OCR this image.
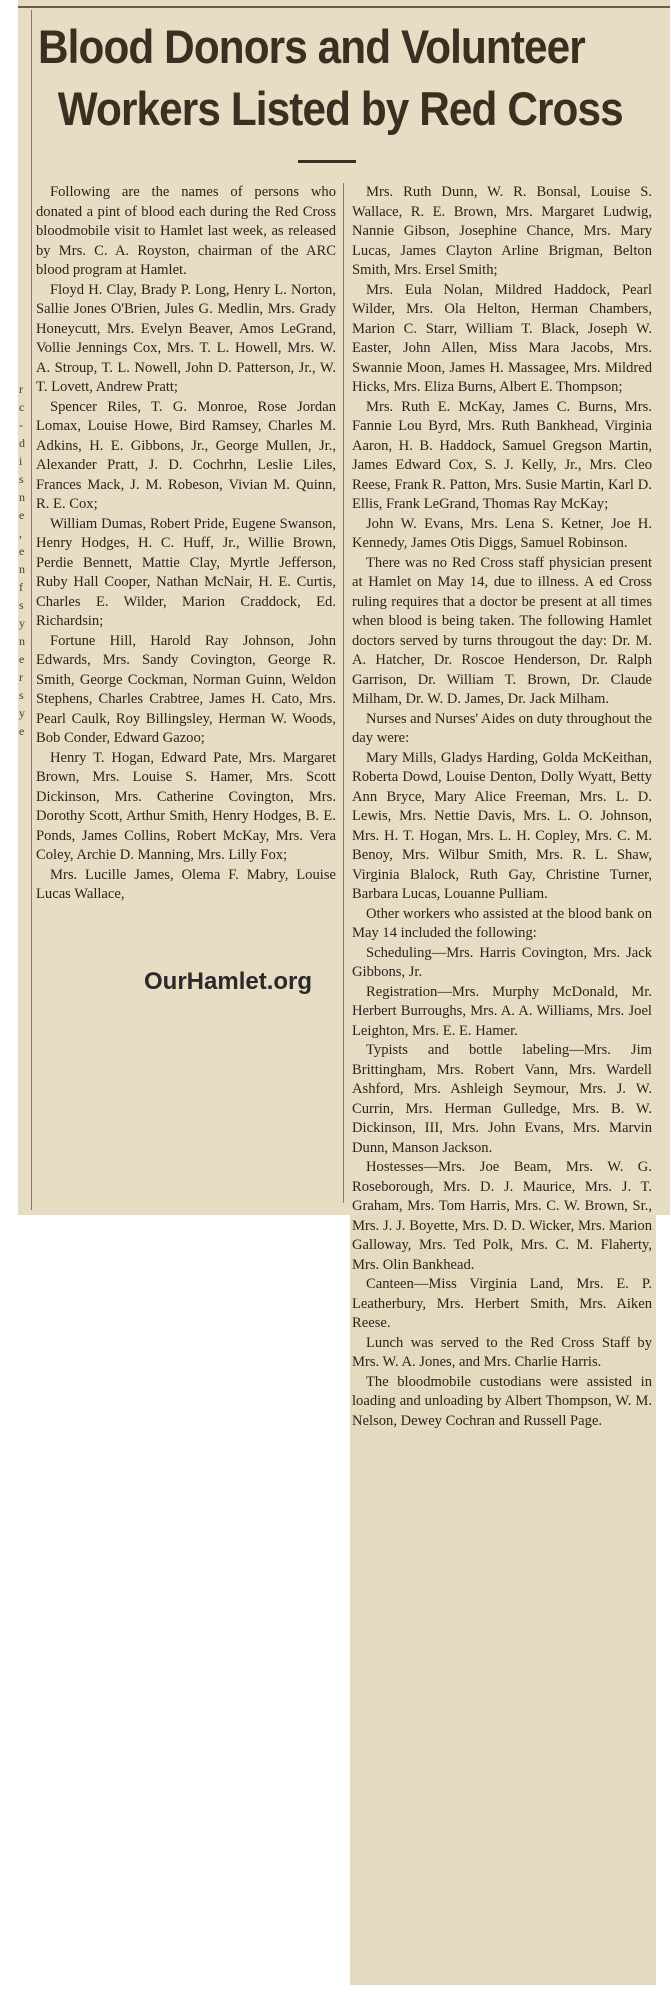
Blood Donors and Volunteer
Workers Listed by Red Cross
r
c
-
d
i
s
n
e
,
e
n
f
s
y
n
e
r
s
y
e

Following are the names of persons who donated a pint of blood each during the Red Cross bloodmobile visit to Hamlet last week, as released by Mrs. C. A. Royston, chairman of the ARC blood program at Hamlet.

Floyd H. Clay, Brady P. Long, Henry L. Norton, Sallie Jones O'Brien, Jules G. Medlin, Mrs. Grady Honeycutt, Mrs. Evelyn Beaver, Amos LeGrand, Vollie Jennings Cox, Mrs. T. L. Howell, Mrs. W. A. Stroup, T. L. Nowell, John D. Patterson, Jr., W. T. Lovett, Andrew Pratt;

Spencer Riles, T. G. Monroe, Rose Jordan Lomax, Louise Howe, Bird Ramsey, Charles M. Adkins, H. E. Gibbons, Jr., George Mullen, Jr., Alexander Pratt, J. D. Cochrhn, Leslie Liles, Frances Mack, J. M. Robeson, Vivian M. Quinn, R. E. Cox;

William Dumas, Robert Pride, Eugene Swanson, Henry Hodges, H. C. Huff, Jr., Willie Brown, Perdie Bennett, Mattie Clay, Myrtle Jefferson, Ruby Hall Cooper, Nathan McNair, H. E. Curtis, Charles E. Wilder, Marion Craddock, Ed. Richardsin;

Fortune Hill, Harold Ray Johnson, John Edwards, Mrs. Sandy Covington, George R. Smith, George Cockman, Norman Guinn, Weldon Stephens, Charles Crabtree, James H. Cato, Mrs. Pearl Caulk, Roy Billingsley, Herman W. Woods, Bob Conder, Edward Gazoo;

Henry T. Hogan, Edward Pate, Mrs. Margaret Brown, Mrs. Louise S. Hamer, Mrs. Scott Dickinson, Mrs. Catherine Covington, Mrs. Dorothy Scott, Arthur Smith, Henry Hodges, B. E. Ponds, James Collins, Robert McKay, Mrs. Vera Coley, Archie D. Manning, Mrs. Lilly Fox;

Mrs. Lucille James, Olema F. Mabry, Louise Lucas Wallace,

Mrs. Ruth Dunn, W. R. Bonsal, Louise S. Wallace, R. E. Brown, Mrs. Margaret Ludwig, Nannie Gibson, Josephine Chance, Mrs. Mary Lucas, James Clayton Arline Brigman, Belton Smith, Mrs. Ersel Smith;

Mrs. Eula Nolan, Mildred Haddock, Pearl Wilder, Mrs. Ola Helton, Herman Chambers, Marion C. Starr, William T. Black, Joseph W. Easter, John Allen, Miss Mara Jacobs, Mrs. Swannie Moon, James H. Massagee, Mrs. Mildred Hicks, Mrs. Eliza Burns, Albert E. Thompson;

Mrs. Ruth E. McKay, James C. Burns, Mrs. Fannie Lou Byrd, Mrs. Ruth Bankhead, Virginia Aaron, H. B. Haddock, Samuel Gregson Martin, James Edward Cox, S. J. Kelly, Jr., Mrs. Cleo Reese, Frank R. Patton, Mrs. Susie Martin, Karl D. Ellis, Frank LeGrand, Thomas Ray McKay;

John W. Evans, Mrs. Lena S. Ketner, Joe H. Kennedy, James Otis Diggs, Samuel Robinson.

There was no Red Cross staff physician present at Hamlet on May 14, due to illness. A ed Cross ruling requires that a doctor be present at all times when blood is being taken. The following Hamlet doctors served by turns througout the day: Dr. M. A. Hatcher, Dr. Roscoe Henderson, Dr. Ralph Garrison, Dr. William T. Brown, Dr. Claude Milham, Dr. W. D. James, Dr. Jack Milham.

Nurses and Nurses' Aides on duty throughout the day were:

Mary Mills, Gladys Harding, Golda McKeithan, Roberta Dowd, Louise Denton, Dolly Wyatt, Betty Ann Bryce, Mary Alice Freeman, Mrs. L. D. Lewis, Mrs. Nettie Davis, Mrs. L. O. Johnson, Mrs. H. T. Hogan, Mrs. L. H. Copley, Mrs. C. M. Benoy, Mrs. Wilbur Smith, Mrs. R. L. Shaw, Virginia Blalock, Ruth Gay, Christine Turner, Barbara Lucas, Louanne Pulliam.

Other workers who assisted at the blood bank on May 14 included the following:

Scheduling—Mrs. Harris Covington, Mrs. Jack Gibbons, Jr.

Registration—Mrs. Murphy McDonald, Mr. Herbert Burroughs, Mrs. A. A. Williams, Mrs. Joel Leighton, Mrs. E. E. Hamer.

Typists and bottle labeling—Mrs. Jim Brittingham, Mrs. Robert Vann, Mrs. Wardell Ashford, Mrs. Ashleigh Seymour, Mrs. J. W. Currin, Mrs. Herman Gulledge, Mrs. B. W. Dickinson, III, Mrs. John Evans, Mrs. Marvin Dunn, Manson Jackson.

Hostesses—Mrs. Joe Beam, Mrs. W. G. Roseborough, Mrs. D. J. Maurice, Mrs. J. T. Graham, Mrs. Tom Harris, Mrs. C. W. Brown, Sr., Mrs. J. J. Boyette, Mrs. D. D. Wicker, Mrs. Marion Galloway, Mrs. Ted Polk, Mrs. C. M. Flaherty, Mrs. Olin Bankhead.

Canteen—Miss Virginia Land, Mrs. E. P. Leatherbury, Mrs. Herbert Smith, Mrs. Aiken Reese.

Lunch was served to the Red Cross Staff by Mrs. W. A. Jones, and Mrs. Charlie Harris.

The bloodmobile custodians were assisted in loading and unloading by Albert Thompson, W. M. Nelson, Dewey Cochran and Russell Page.

OurHamlet.org
